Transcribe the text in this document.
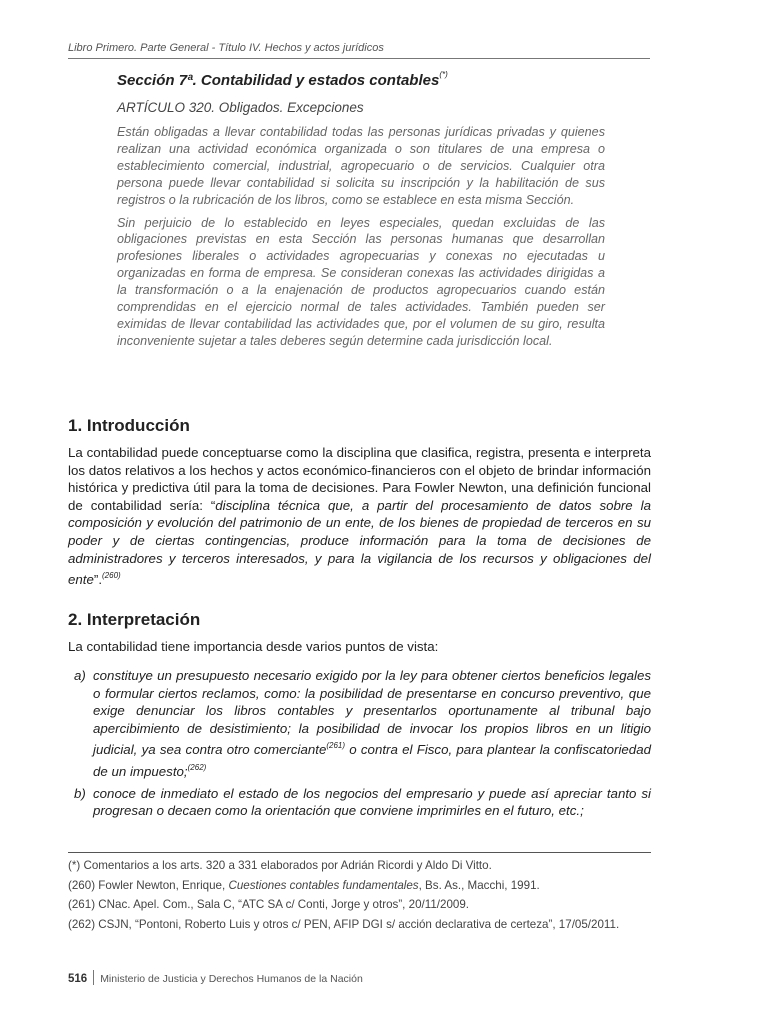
Libro Primero. Parte General - Título IV. Hechos y actos jurídicos
Sección 7ª. Contabilidad y estados contables(*)
ARTÍCULO 320. Obligados. Excepciones

Están obligadas a llevar contabilidad todas las personas jurídicas privadas y quienes realizan una actividad económica organizada o son titulares de una empresa o establecimiento comercial, industrial, agropecuario o de servicios. Cualquier otra persona puede llevar contabilidad si solicita su inscripción y la habilitación de sus registros o la rubricación de los libros, como se establece en esta misma Sección.

Sin perjuicio de lo establecido en leyes especiales, quedan excluidas de las obligaciones previstas en esta Sección las personas humanas que desarrollan profesiones liberales o actividades agropecuarias y conexas no ejecutadas u organizadas en forma de empresa. Se consideran conexas las actividades dirigidas a la transformación o a la enajenación de productos agropecuarios cuando están comprendidas en el ejercicio normal de tales actividades. También pueden ser eximidas de llevar contabilidad las actividades que, por el volumen de su giro, resulta inconveniente sujetar a tales deberes según determine cada jurisdicción local.

1. Introducción

La contabilidad puede conceptuarse como la disciplina que clasifica, registra, presenta e interpreta los datos relativos a los hechos y actos económico-financieros con el objeto de brindar información histórica y predictiva útil para la toma de decisiones. Para Fowler Newton, una definición funcional de contabilidad sería: “disciplina técnica que, a partir del procesamiento de datos sobre la composición y evolución del patrimonio de un ente, de los bienes de propiedad de terceros en su poder y de ciertas contingencias, produce información para la toma de decisiones de administradores y terceros interesados, y para la vigilancia de los recursos y obligaciones del ente”.$^{(260)}$

2. Interpretación

La contabilidad tiene importancia desde varios puntos de vista:

a) constituye un presupuesto necesario exigido por la ley para obtener ciertos beneficios legales o formular ciertos reclamos, como: la posibilidad de presentarse en concurso preventivo, que exige denunciar los libros contables y presentarlos oportunamente al tribunal bajo apercibimiento de desistimiento; la posibilidad de invocar los propios libros en un litigio judicial, ya sea contra otro comerciante$^{(261)}$ o contra el Fisco, para plantear la confiscatoriedad de un impuesto;$^{(262)}$

b) conoce de inmediato el estado de los negocios del empresario y puede así apreciar tanto si progresan o decaen como la orientación que conviene imprimirles en el futuro, etc.;

(*) Comentarios a los arts. 320 a 331 elaborados por Adrián Ricordi y Aldo Di Vitto.

(260) Fowler Newton, Enrique, Cuestiones contables fundamentales, Bs. As., Macchi, 1991.

(261) CNac. Apel. Com., Sala C, “ATC SA c/ Conti, Jorge y otros”, 20/11/2009.

(262) CSJN, “Pontoni, Roberto Luis y otros c/ PEN, AFIP DGI s/ acción declarativa de certeza”, 17/05/2011.

516 Ministerio de Justicia y Derechos Humanos de la Nación
